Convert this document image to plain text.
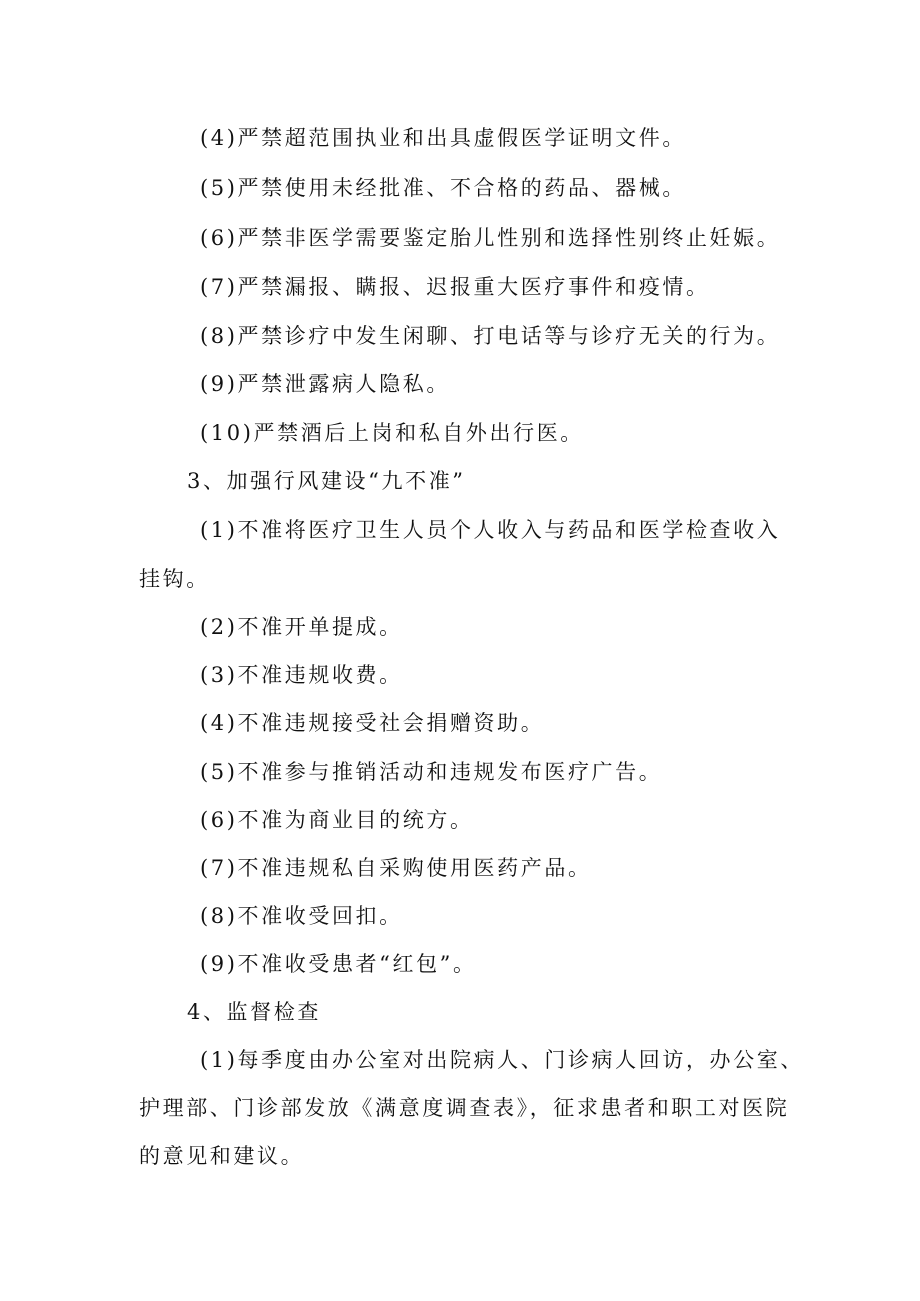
(4)严禁超范围执业和出具虚假医学证明文件。
(5)严禁使用未经批准、不合格的药品、器械。
(6)严禁非医学需要鉴定胎儿性别和选择性别终止妊娠。
(7)严禁漏报、瞒报、迟报重大医疗事件和疫情。
(8)严禁诊疗中发生闲聊、打电话等与诊疗无关的行为。
(9)严禁泄露病人隐私。
(10)严禁酒后上岗和私自外出行医。
3、加强行风建设“九不准”
(1)不准将医疗卫生人员个人收入与药品和医学检查收入
挂钩。
(2)不准开单提成。
(3)不准违规收费。
(4)不准违规接受社会捐赠资助。
(5)不准参与推销活动和违规发布医疗广告。
(6)不准为商业目的统方。
(7)不准违规私自采购使用医药产品。
(8)不准收受回扣。
(9)不准收受患者“红包”。
4、监督检查
(1)每季度由办公室对出院病人、门诊病人回访，办公室、
护理部、门诊部发放《满意度调查表》，征求患者和职工对医院
的意见和建议。
